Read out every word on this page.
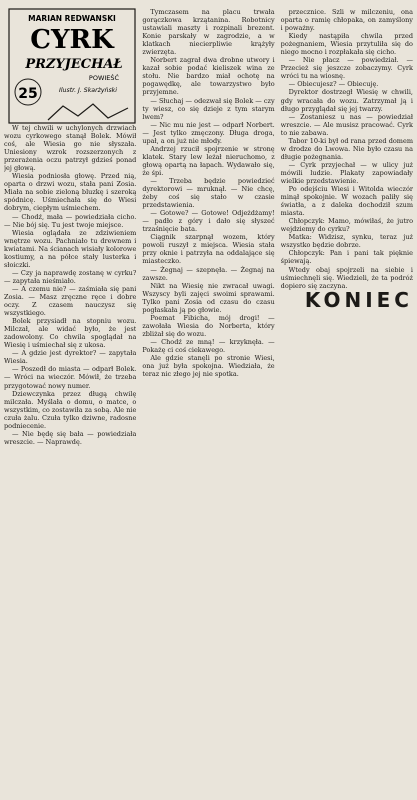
MARIAN REDWANSKI
CYRK
PRZYJECHAŁ
POWIEŚĆ
25	Ilustr. J. Skarżyński

W tej chwili w uchylonych drzwiach wozu cyrkowego stanął Bolek. Mówił coś, ale Wiesia go nie słyszała. Uniesiony wzrok rozszerzonych z przerażenia oczu patrzył gdzieś ponad jej głową.

Wiesia podniosła głowę. Przed nią, oparta o drzwi wozu, stała pani Zosia. Miała na sobie zieloną bluzkę i szeroką spódnicę. Uśmiechała się do Wiesi dobrym, ciepłym uśmiechem.

— Chodź, mała — powiedziała cicho. — Nie bój się. Tu jest twoje miejsce.

Wiesia oglądała ze zdziwieniem wnętrze wozu. Pachniało tu drewnem i kwiatami. Na ścianach wisiały kolorowe kostiumy, a na półce stały lusterka i słoiczki.

— Czy ja naprawdę zostanę w cyrku? — zapytała nieśmiało.

— A czemu nie? — zaśmiała się pani Zosia. — Masz zręczne ręce i dobre oczy. Z czasem nauczysz się wszystkiego.

Bolek przysiadł na stopniu wozu. Milczał, ale widać było, że jest zadowolony. Co chwila spoglądał na Wiesię i uśmiechał się z ukosa.

— A gdzie jest dyrektor? — zapytała Wiesia.

— Poszedł do miasta — odparł Bolek. — Wróci na wieczór. Mówił, że trzeba przygotować nowy numer.

Dziewczynka przez długą chwilę milczała. Myślała o domu, o matce, o wszystkim, co zostawiła za sobą. Ale nie czuła żalu. Czuła tylko dziwne, radosne podniecenie.

— Nie będę się bała — powiedziała wreszcie. — Naprawdę.

Tymczasem na placu trwała gorączkowa krzątanina. Robotnicy ustawiali maszty i rozpinali brezent. Konie parskały w zagrodzie, a w klatkach niecierpliwie krążyły zwierzęta.

Norbert zagrał dwa drobne utwory i kazał sobie podać kieliszek wina ze stołu. Nie bardzo miał ochotę na pogawędkę, ale towarzystwo było przyjemne.

— Słuchaj — odezwał się Bolek — czy ty wiesz, co się dzieje z tym starym lwem?

— Nic mu nie jest — odparł Norbert. — Jest tylko zmęczony. Długa droga, upał, a on już nie młody.

Andrzej rzucił spojrzenie w stronę klatek. Stary lew leżał nieruchomo, z głową opartą na łapach. Wydawało się, że śpi.

— Trzeba będzie powiedzieć dyrektorowi — mruknął. — Nie chcę, żeby coś się stało w czasie przedstawienia.

— Gotowe? — Gotowe! Odjeżdżamy! — padło z góry i dało się słyszeć trzaśnięcie bata.

Ciągnik szarpnął wozem, który powoli ruszył z miejsca. Wiesia stała przy oknie i patrzyła na oddalające się miasteczko.

— Żegnaj — szepnęła. — Żegnaj na zawsze.

Nikt na Wiesię nie zwracał uwagi. Wszyscy byli zajęci swoimi sprawami. Tylko pani Zosia od czasu do czasu pogłaskała ją po głowie.

Poemat Fibicha, mój drogi! — zawołała Wiesia do Norberta, który zbliżał się do wozu.

— Chodź ze mną! — krzyknęła. — Pokażę ci coś ciekawego.

Ale gdzie stanęli po stronie Wiesi, ona już była spokojna. Wiedziała, że teraz nic złego jej nie spotka.

przecznice. Szli w milczeniu, ona oparta o ramię chłopaka, on zamyślony i poważny.

Kiedy nastąpiła chwila przed pożegnaniem, Wiesia przytuliła się do niego mocno i rozpłakała się cicho.

— Nie płacz — powiedział. — Przecież się jeszcze zobaczymy. Cyrk wróci tu na wiosnę.

— Obiecujesz? — Obiecuję.

Dyrektor dostrzegł Wiesię w chwili, gdy wracała do wozu. Zatrzymał ją i długo przyglądał się jej twarzy.

— Zostaniesz u nas — powiedział wreszcie. — Ale musisz pracować. Cyrk to nie zabawa.

Tabor 10-ki był od rana przed domem w drodze do Lwowa. Nie było czasu na długie pożegnania.

— Cyrk przyjechał — w ulicy już mówili ludzie. Plakaty zapowiadały wielkie przedstawienie.

Po odejściu Wiesi i Witolda wieczór minął spokojnie. W wozach paliły się światła, a z daleka dochodził szum miasta.

Chłopczyk: Mamo, mówiłaś, że jutro wejdziemy do cyrku?

Matka: Widzisz, synku, teraz już wszystko będzie dobrze.

Chłopczyk: Pan i pani tak pięknie śpiewają.

Wtedy obaj spojrzeli na siebie i uśmiechnęli się. Wiedzieli, że ta podróż dopiero się zaczyna.

KONIEC
